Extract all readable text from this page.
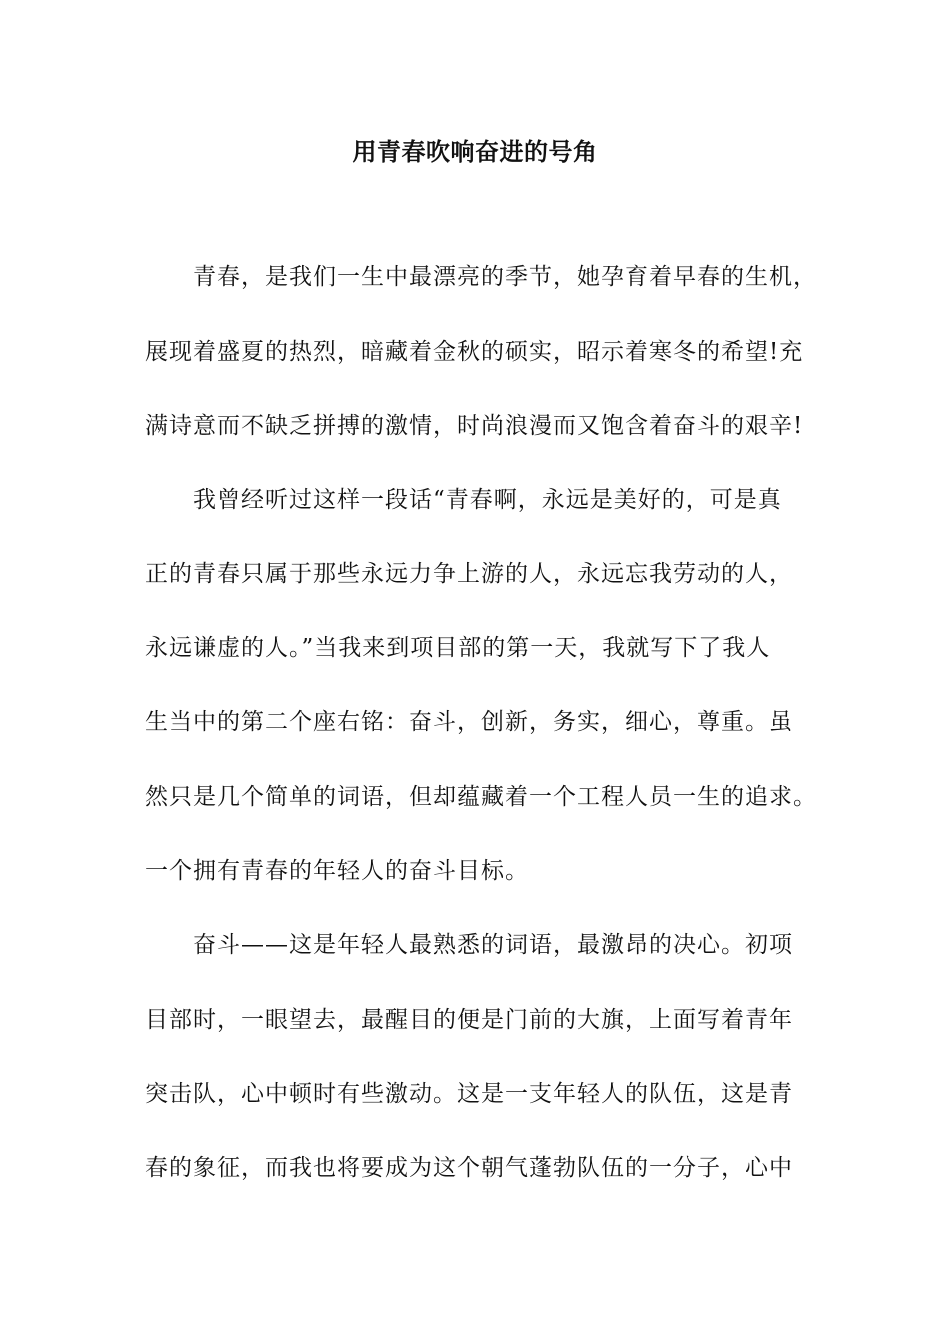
用青春吹响奋进的号角
青春，是我们一生中最漂亮的季节，她孕育着早春的生机，
展现着盛夏的热烈，暗藏着金秋的硕实，昭示着寒冬的希望!充
满诗意而不缺乏拼搏的激情，时尚浪漫而又饱含着奋斗的艰辛!
我曾经听过这样一段话“青春啊，永远是美好的，可是真
正的青春只属于那些永远力争上游的人，永远忘我劳动的人，
永远谦虚的人。”当我来到项目部的第一天，我就写下了我人
生当中的第二个座右铭：奋斗，创新，务实，细心，尊重。虽
然只是几个简单的词语，但却蕴藏着一个工程人员一生的追求。
一个拥有青春的年轻人的奋斗目标。
奋斗——这是年轻人最熟悉的词语，最激昂的决心。初项
目部时，一眼望去，最醒目的便是门前的大旗，上面写着青年
突击队，心中顿时有些激动。这是一支年轻人的队伍，这是青
春的象征，而我也将要成为这个朝气蓬勃队伍的一分子，心中
